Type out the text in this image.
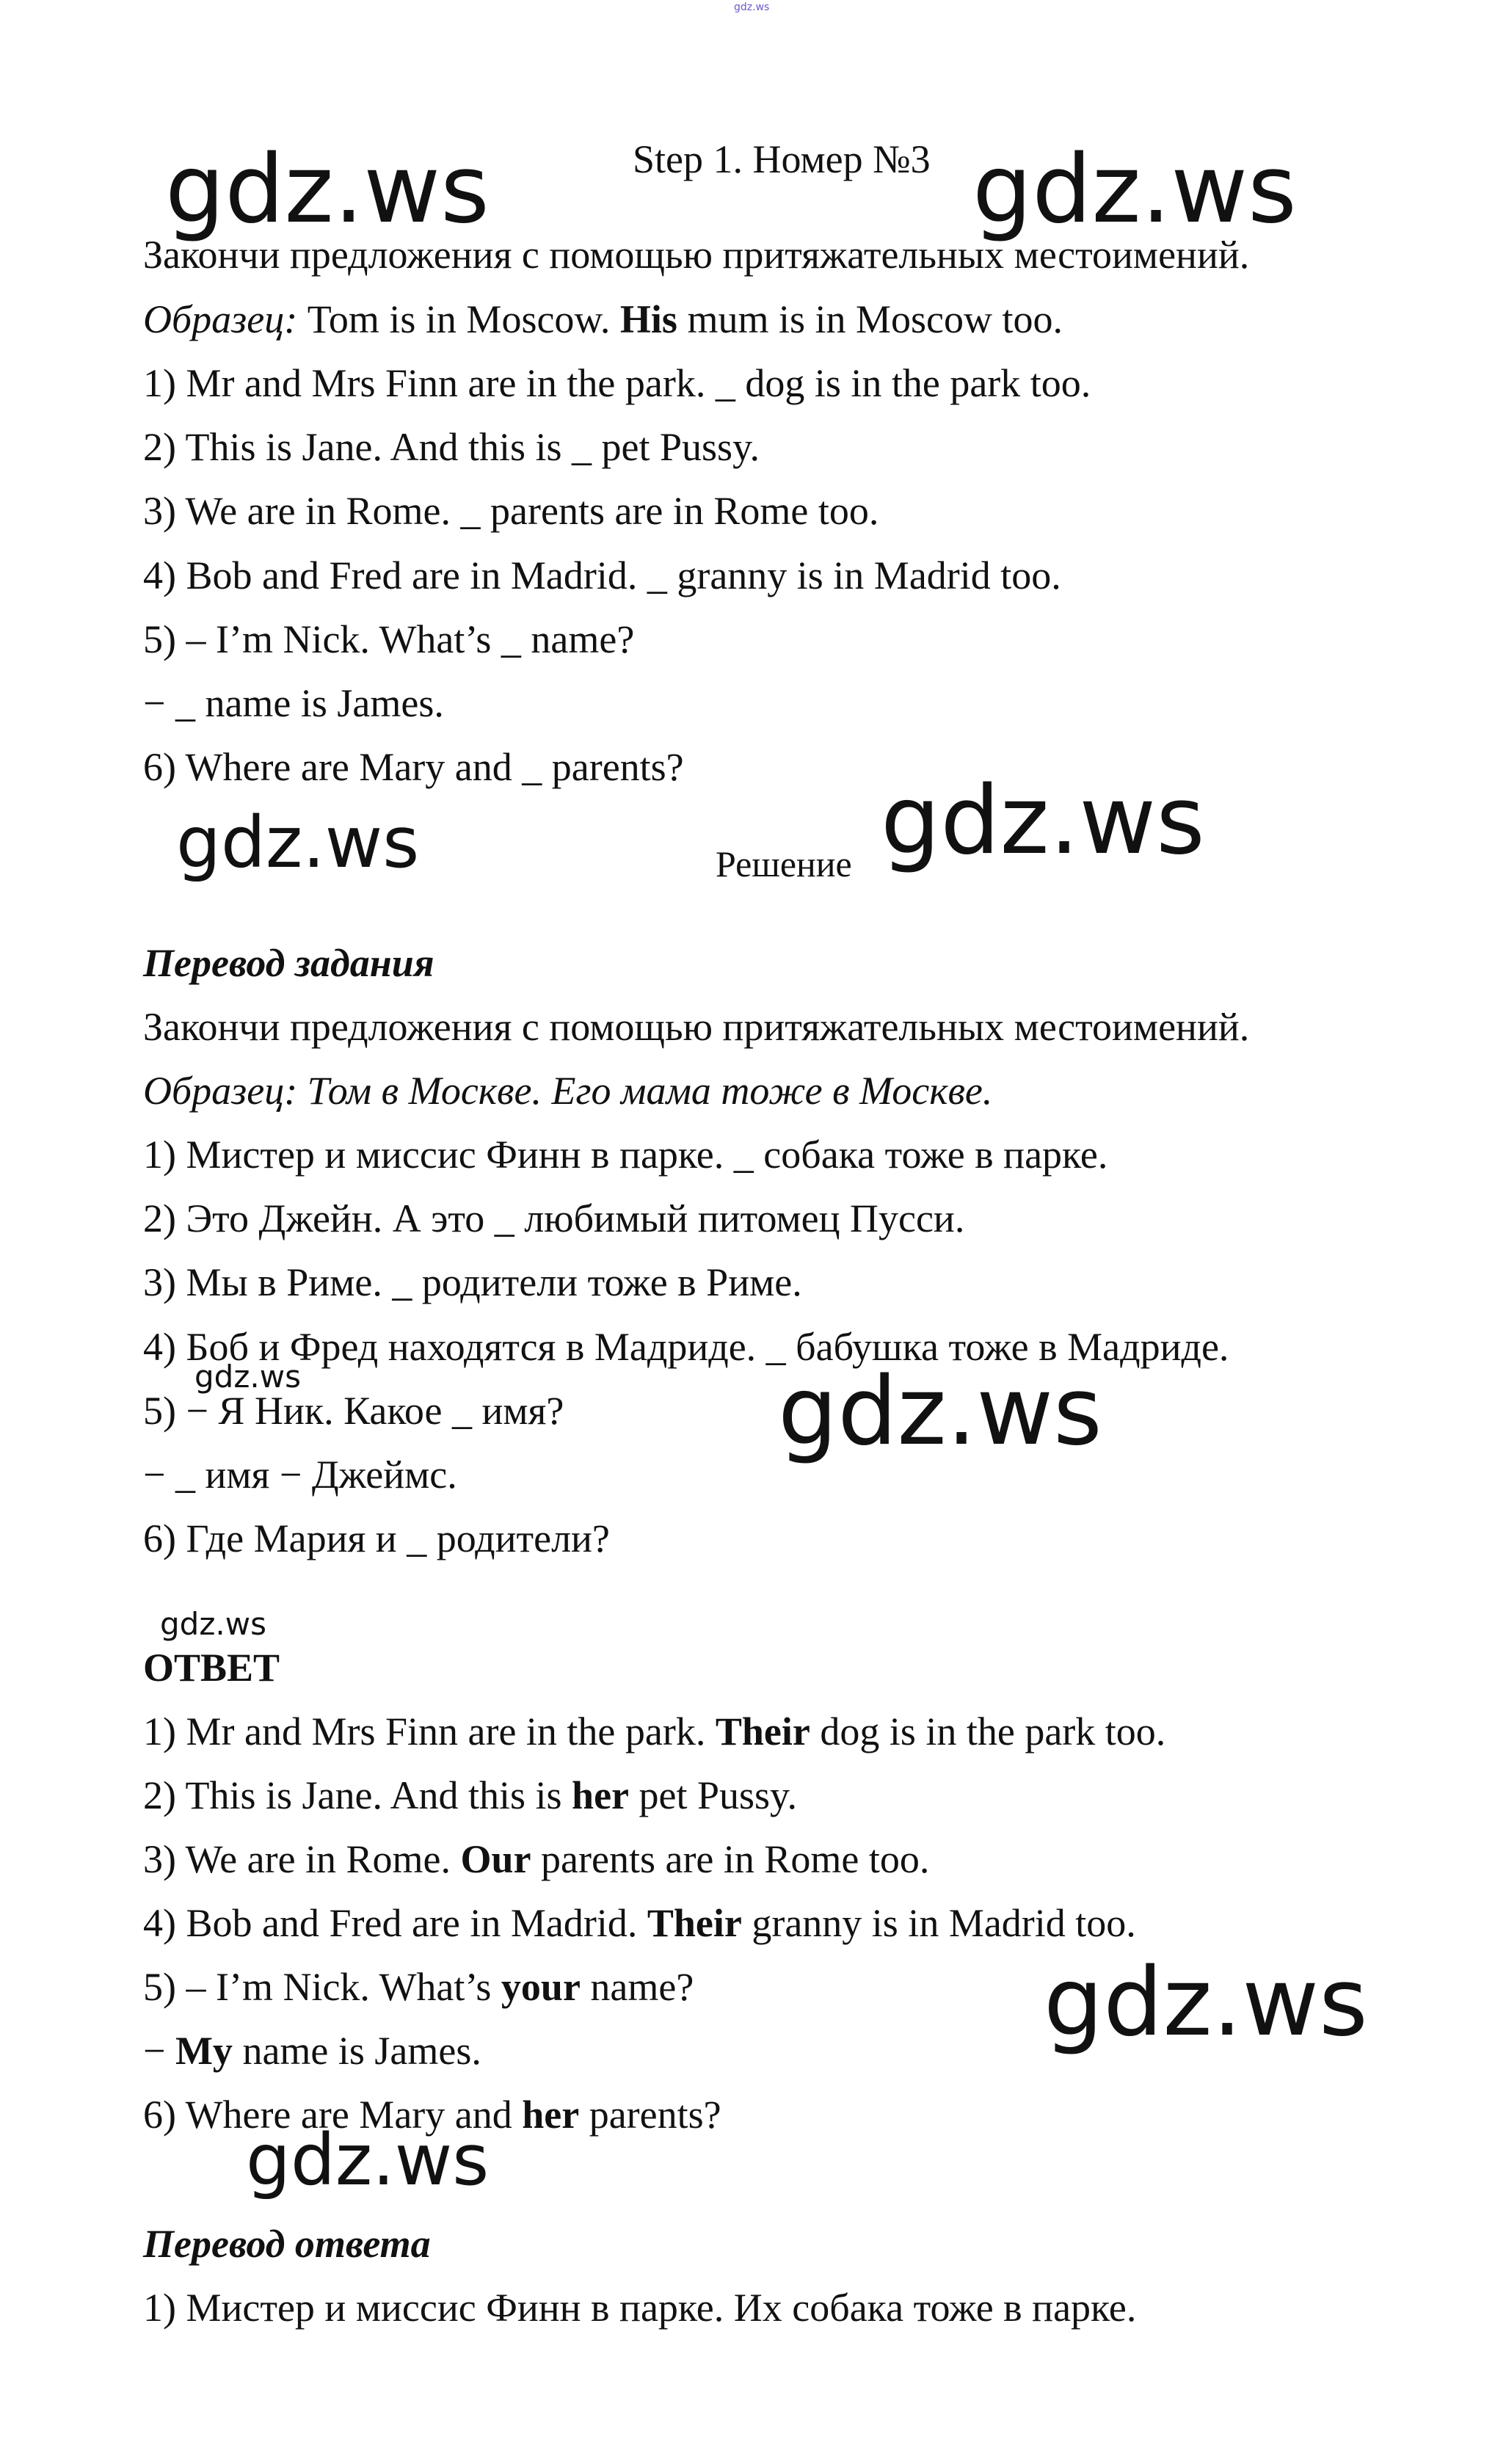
gdz.ws
Step 1. Номер №3
Закончи предложения с помощью притяжательных местоимений.
Образец: Tom is in Moscow. His mum is in Moscow too.
1) Mr and Mrs Finn are in the park. _ dog is in the park too.
2) This is Jane. And this is _ pet Pussy.
3) We are in Rome. _ parents are in Rome too.
4) Bob and Fred are in Madrid. _ granny is in Madrid too.
5) – I’m Nick. What’s _ name?
− _ name is James.
6) Where are Mary and _ parents?
Решение
Перевод задания
Закончи предложения с помощью притяжательных местоимений.
Образец: Том в Москве. Его мама тоже в Москве.
1) Мистер и миссис Финн в парке. _ собака тоже в парке.
2) Это Джейн. А это _ любимый питомец Пусси.
3) Мы в Риме. _ родители тоже в Риме.
4) Боб и Фред находятся в Мадриде. _ бабушка тоже в Мадриде.
5) − Я Ник. Какое _ имя?
− _ имя − Джеймс.
6) Где Мария и _ родители?
ОТВЕТ
1) Mr and Mrs Finn are in the park. Their dog is in the park too.
2) This is Jane. And this is her pet Pussy.
3) We are in Rome. Our parents are in Rome too.
4) Bob and Fred are in Madrid. Their granny is in Madrid too.
5) – I’m Nick. What’s your name?
− My name is James.
6) Where are Mary and her parents?
Перевод ответа
1) Мистер и миссис Финн в парке. Их собака тоже в парке.
gdz.ws	gdz.ws
gdz.ws	gdz.ws
gdz.ws	gdz.ws
gdz.ws
gdz.ws
gdz.ws
